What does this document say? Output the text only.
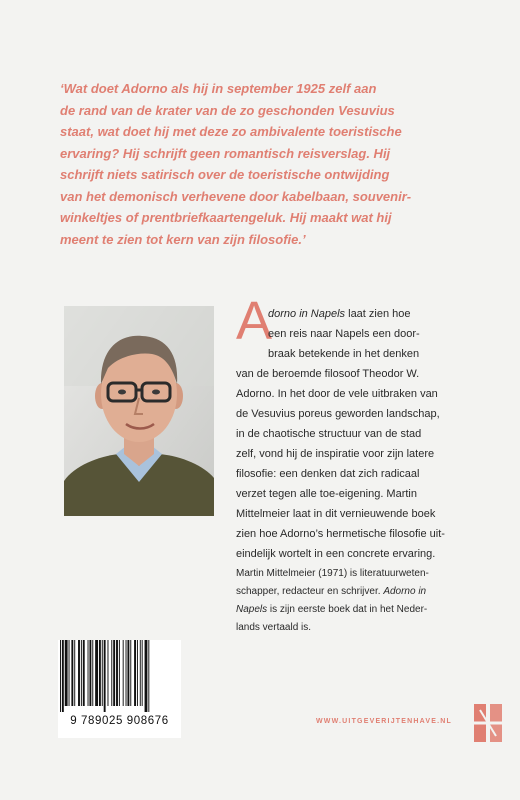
‘Wat doet Adorno als hij in september 1925 zelf aan
de rand van de krater van de zo geschonden Vesuvius
staat, wat doet hij met deze zo ambivalente toeristische
ervaring? Hij schrijft geen romantisch reisverslag. Hij
schrijft niets satirisch over de toeristische ontwijding
van het demonisch verhevene door kabelbaan, souvenir-
winkeltjes of prentbriefkaartengeluk. Hij maakt wat hij
meent te zien tot kern van zijn filosofie.’

A

dorno in Napels laat zien hoe
een reis naar Napels een door-
braak betekende in het denken
van de beroemde filosoof Theodor W.
Adorno. In het door de vele uitbraken van
de Vesuvius poreus geworden landschap,
in de chaotische structuur van de stad
zelf, vond hij de inspiratie voor zijn latere
filosofie: een denken dat zich radicaal
verzet tegen alle toe-eigening. Martin
Mittelmeier laat in dit vernieuwende boek
zien hoe Adorno’s hermetische filosofie uit-
eindelijk wortelt in een concrete ervaring.

Martin Mittelmeier (1971) is literatuurweten-
schapper, redacteur en schrijver. Adorno in
Napels is zijn eerste boek dat in het Neder-
lands vertaald is.

9 789025 908676	WWW.UITGEVERIJTENHAVE.NL
